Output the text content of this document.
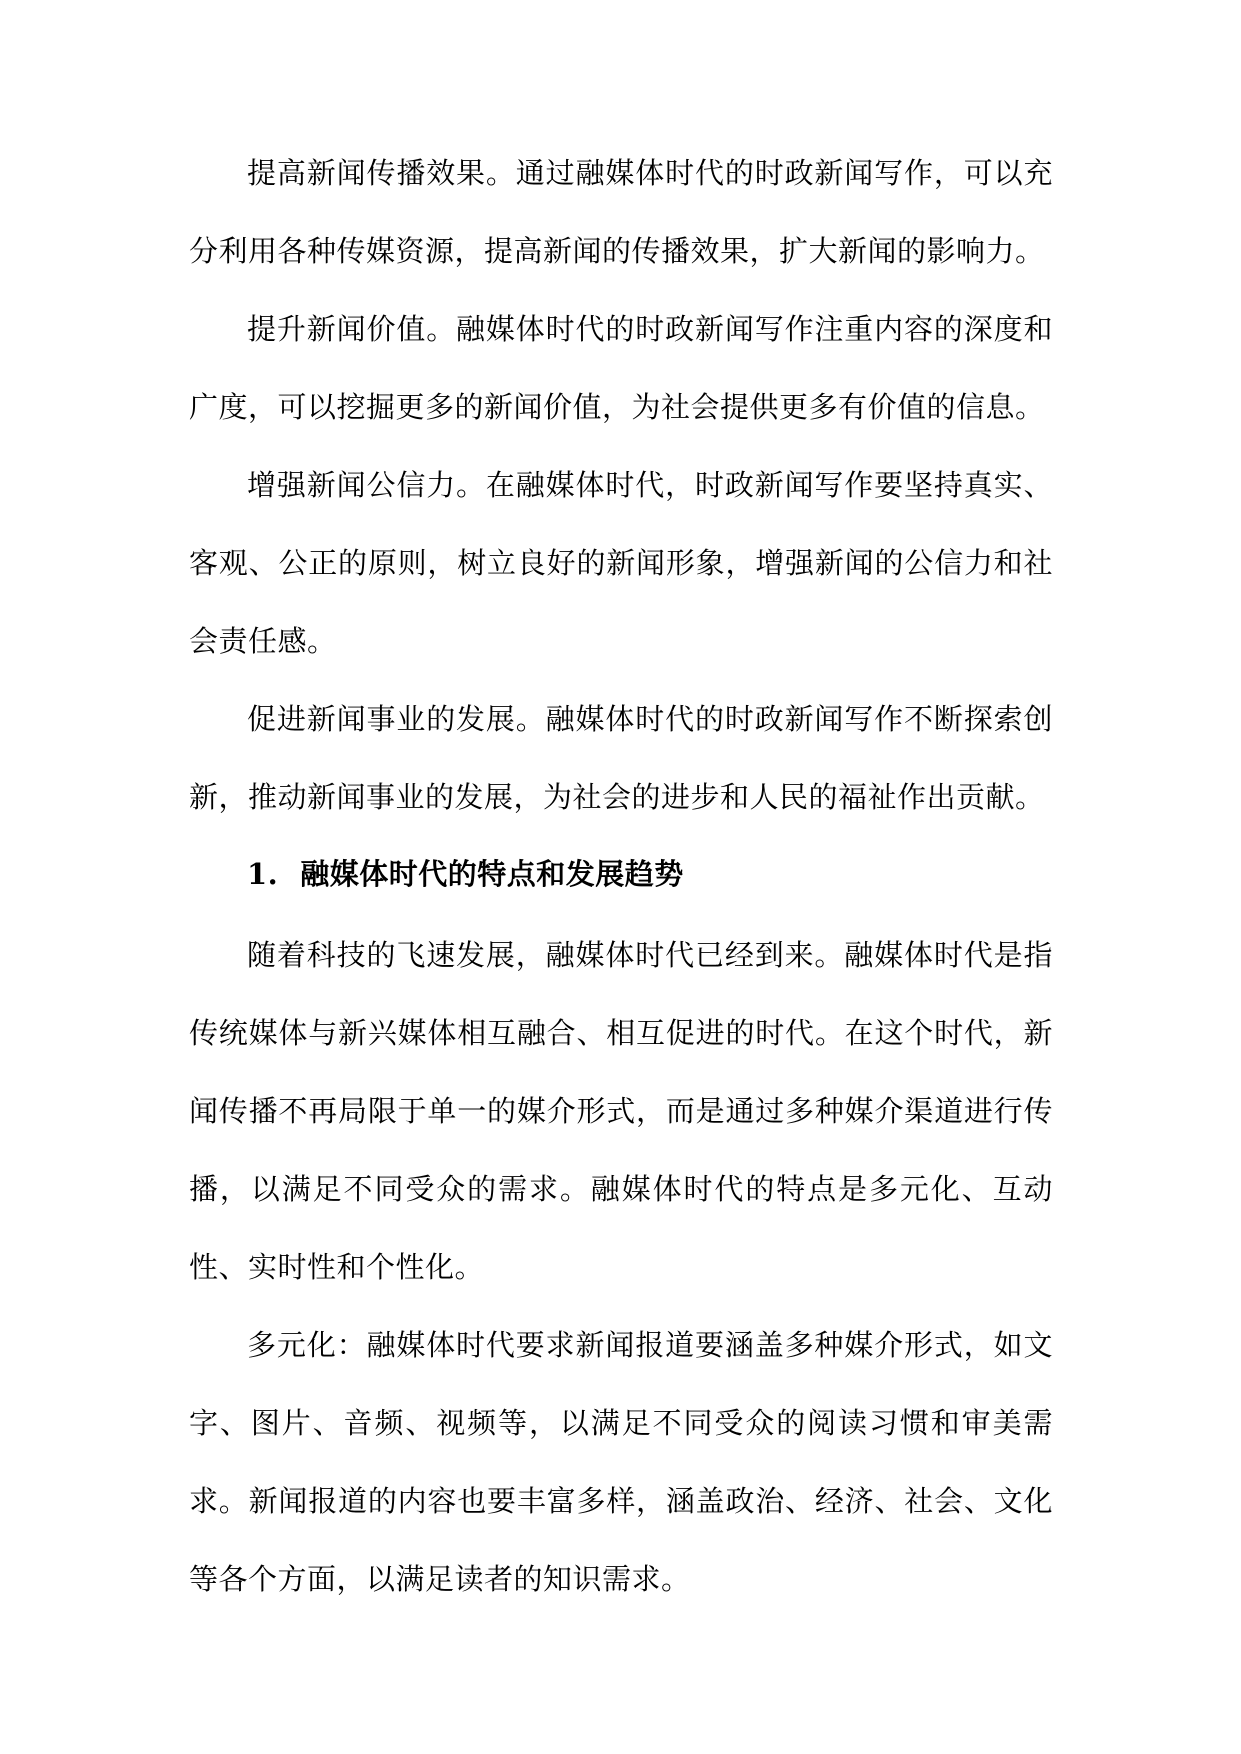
提高新闻传播效果。通过融媒体时代的时政新闻写作，可以充分利用各种传媒资源，提高新闻的传播效果，扩大新闻的影响力。

提升新闻价值。融媒体时代的时政新闻写作注重内容的深度和广度，可以挖掘更多的新闻价值，为社会提供更多有价值的信息。

增强新闻公信力。在融媒体时代，时政新闻写作要坚持真实、客观、公正的原则，树立良好的新闻形象，增强新闻的公信力和社会责任感。

促进新闻事业的发展。融媒体时代的时政新闻写作不断探索创新，推动新闻事业的发展，为社会的进步和人民的福祉作出贡献。

1. 融媒体时代的特点和发展趋势

随着科技的飞速发展，融媒体时代已经到来。融媒体时代是指传统媒体与新兴媒体相互融合、相互促进的时代。在这个时代，新闻传播不再局限于单一的媒介形式，而是通过多种媒介渠道进行传播，以满足不同受众的需求。融媒体时代的特点是多元化、互动性、实时性和个性化。

多元化：融媒体时代要求新闻报道要涵盖多种媒介形式，如文字、图片、音频、视频等，以满足不同受众的阅读习惯和审美需求。新闻报道的内容也要丰富多样，涵盖政治、经济、社会、文化等各个方面，以满足读者的知识需求。
